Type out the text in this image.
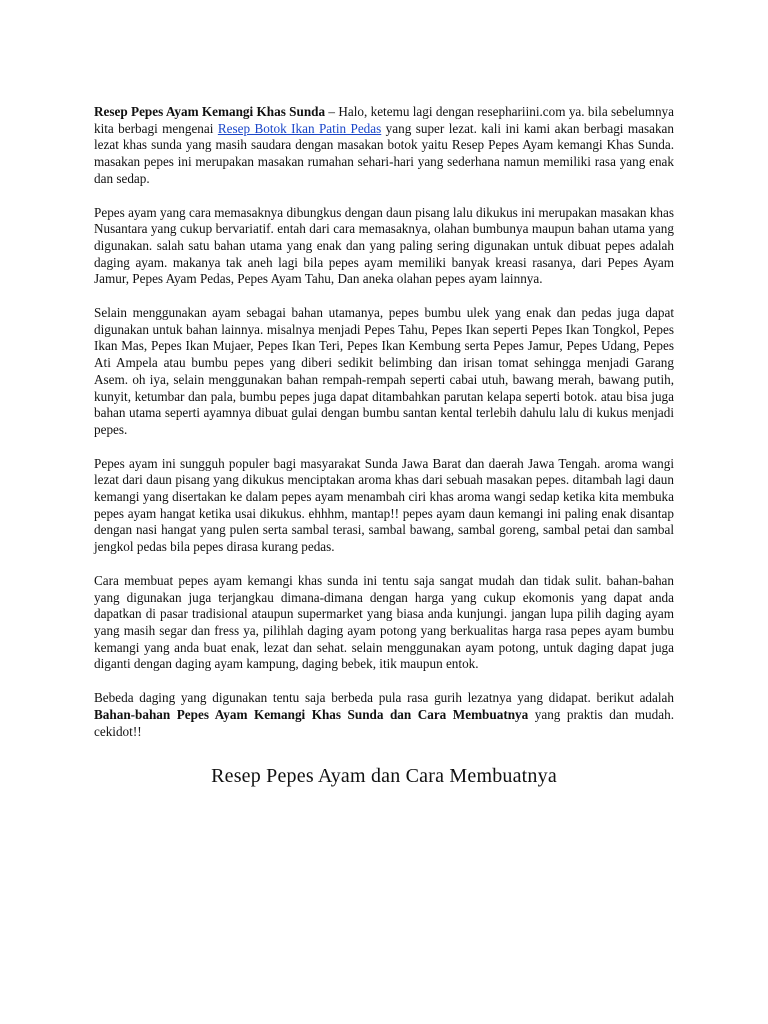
Resep Pepes Ayam Kemangi Khas Sunda – Halo, ketemu lagi dengan resephariini.com ya. bila sebelumnya kita berbagi mengenai Resep Botok Ikan Patin Pedas yang super lezat. kali ini kami akan berbagi masakan lezat khas sunda yang masih saudara dengan masakan botok yaitu Resep Pepes Ayam kemangi Khas Sunda. masakan pepes ini merupakan masakan rumahan sehari-hari yang sederhana namun memiliki rasa yang enak dan sedap.

Pepes ayam yang cara memasaknya dibungkus dengan daun pisang lalu dikukus ini merupakan masakan khas Nusantara yang cukup bervariatif. entah dari cara memasaknya, olahan bumbunya maupun bahan utama yang digunakan. salah satu bahan utama yang enak dan yang paling sering digunakan untuk dibuat pepes adalah daging ayam. makanya tak aneh lagi bila pepes ayam memiliki banyak kreasi rasanya, dari Pepes Ayam Jamur, Pepes Ayam Pedas, Pepes Ayam Tahu, Dan aneka olahan pepes ayam lainnya.

Selain menggunakan ayam sebagai bahan utamanya, pepes bumbu ulek yang enak dan pedas juga dapat digunakan untuk bahan lainnya. misalnya menjadi Pepes Tahu, Pepes Ikan seperti Pepes Ikan Tongkol, Pepes Ikan Mas, Pepes Ikan Mujaer, Pepes Ikan Teri, Pepes Ikan Kembung serta Pepes Jamur, Pepes Udang, Pepes Ati Ampela atau bumbu pepes yang diberi sedikit belimbing dan irisan tomat sehingga menjadi Garang Asem. oh iya, selain menggunakan bahan rempah-rempah seperti cabai utuh, bawang merah, bawang putih, kunyit, ketumbar dan pala, bumbu pepes juga dapat ditambahkan parutan kelapa seperti botok. atau bisa juga bahan utama seperti ayamnya dibuat gulai dengan bumbu santan kental terlebih dahulu lalu di kukus menjadi pepes.

Pepes ayam ini sungguh populer bagi masyarakat Sunda Jawa Barat dan daerah Jawa Tengah. aroma wangi lezat dari daun pisang yang dikukus menciptakan aroma khas dari sebuah masakan pepes. ditambah lagi daun kemangi yang disertakan ke dalam pepes ayam menambah ciri khas aroma wangi sedap ketika kita membuka pepes ayam hangat ketika usai dikukus. ehhhm, mantap!! pepes ayam daun kemangi ini paling enak disantap dengan nasi hangat yang pulen serta sambal terasi, sambal bawang, sambal goreng, sambal petai dan sambal jengkol pedas bila pepes dirasa kurang pedas.

Cara membuat pepes ayam kemangi khas sunda ini tentu saja sangat mudah dan tidak sulit. bahan-bahan yang digunakan juga terjangkau dimana-dimana dengan harga yang cukup ekomonis yang dapat anda dapatkan di pasar tradisional ataupun supermarket yang biasa anda kunjungi. jangan lupa pilih daging ayam yang masih segar dan fress ya, pilihlah daging ayam potong yang berkualitas harga rasa pepes ayam bumbu kemangi yang anda buat enak, lezat dan sehat. selain menggunakan ayam potong, untuk daging dapat juga diganti dengan daging ayam kampung, daging bebek, itik maupun entok.

Bebeda daging yang digunakan tentu saja berbeda pula rasa gurih lezatnya yang didapat. berikut adalah Bahan-bahan Pepes Ayam Kemangi Khas Sunda dan Cara Membuatnya yang praktis dan mudah. cekidot!!

Resep Pepes Ayam dan Cara Membuatnya
